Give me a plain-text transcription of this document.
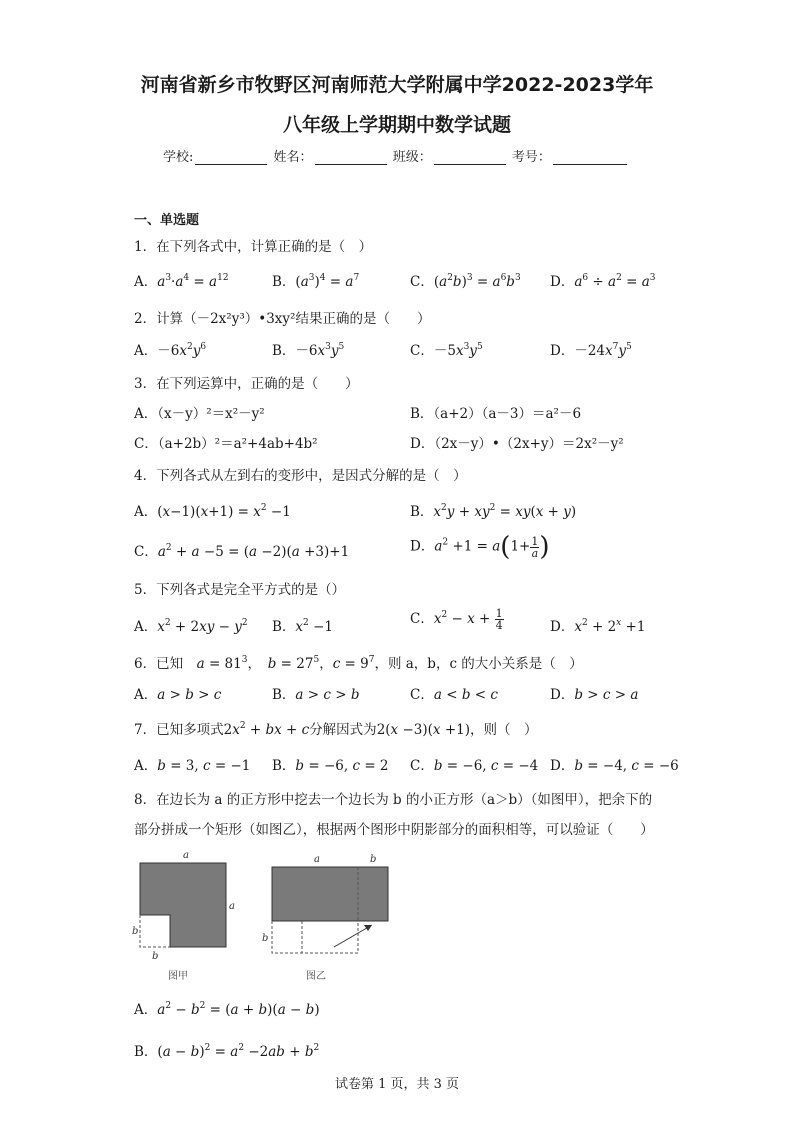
河南省新乡市牧野区河南师范大学附属中学2022-2023学年
八年级上学期期中数学试题
学校:	姓名：	班级：	考号：
一、单选题
1．在下列各式中，计算正确的是（　）
A．$a^3\cdot a^4 = a^{12}$	B．$(a^3)^4 = a^7$	C．$(a^2b)^3 = a^6b^3$ D．$a^6 \div a^2 = a^3$
2．计算（－2x²y³）•3xy²结果正确的是（　　）
A．$-6x^2y^6$	B．$-6x^3y^5$	C．$-5x^3y^5$	D．$-24x^7y^5$
3．在下列运算中，正确的是（　　）
A．（x－y）²＝x²－y²	B．（a+2）（a－3）＝a²－6
C．（a+2b）²＝a²+4ab+4b²	D．（2x－y）•（2x+y）＝2x²－y²
4．下列各式从左到右的变形中，是因式分解的是（　）
A．$(x-1)(x+1) = x^2 -1$	B．$x^2y + xy^2 = xy(x + y)$
C．$a^2 + a -5 = (a -2)(a +3)+1$	D．$a^2 +1 = a(1+ \frac{1}{a}$ )
5．下列各式是完全平方式的是（）
A．$x^2 + 2xy - y^2$ B．$x^2 -1$	C．$x^2 - x + \frac{1}{4}$	D．$x^2 + 2^x +1$
6．已知　 $a = 81^3$，　$b = 27^5$，$c = 9^7$，则 a，b，c 的大小关系是（　）
A．a > b > c	B．a > c > b	C．a < b < c	D．b > c > a
7．已知多项式$2x^2$ + bx + c分解因式为2(x −3)(x +1)，则（　）
A．b = 3, c = −1 B．b = −6, c = 2 C．b = −6, c = −4 D．b = −4, c = −6
8．在边长为 a 的正方形中挖去一个边长为 b 的小正方形（a＞b）（如图甲），把余下的
部分拼成一个矩形（如图乙），根据两个图形中阴影部分的面积相等，可以验证（　　）
a
a
b
b
图甲
a	b
b
图乙
A．$a^2 - b^2 = (a + b)(a - b)$
B．$(a - b)^2 = a^2 -2ab + b^2$
试卷第 1 页，共 3 页
